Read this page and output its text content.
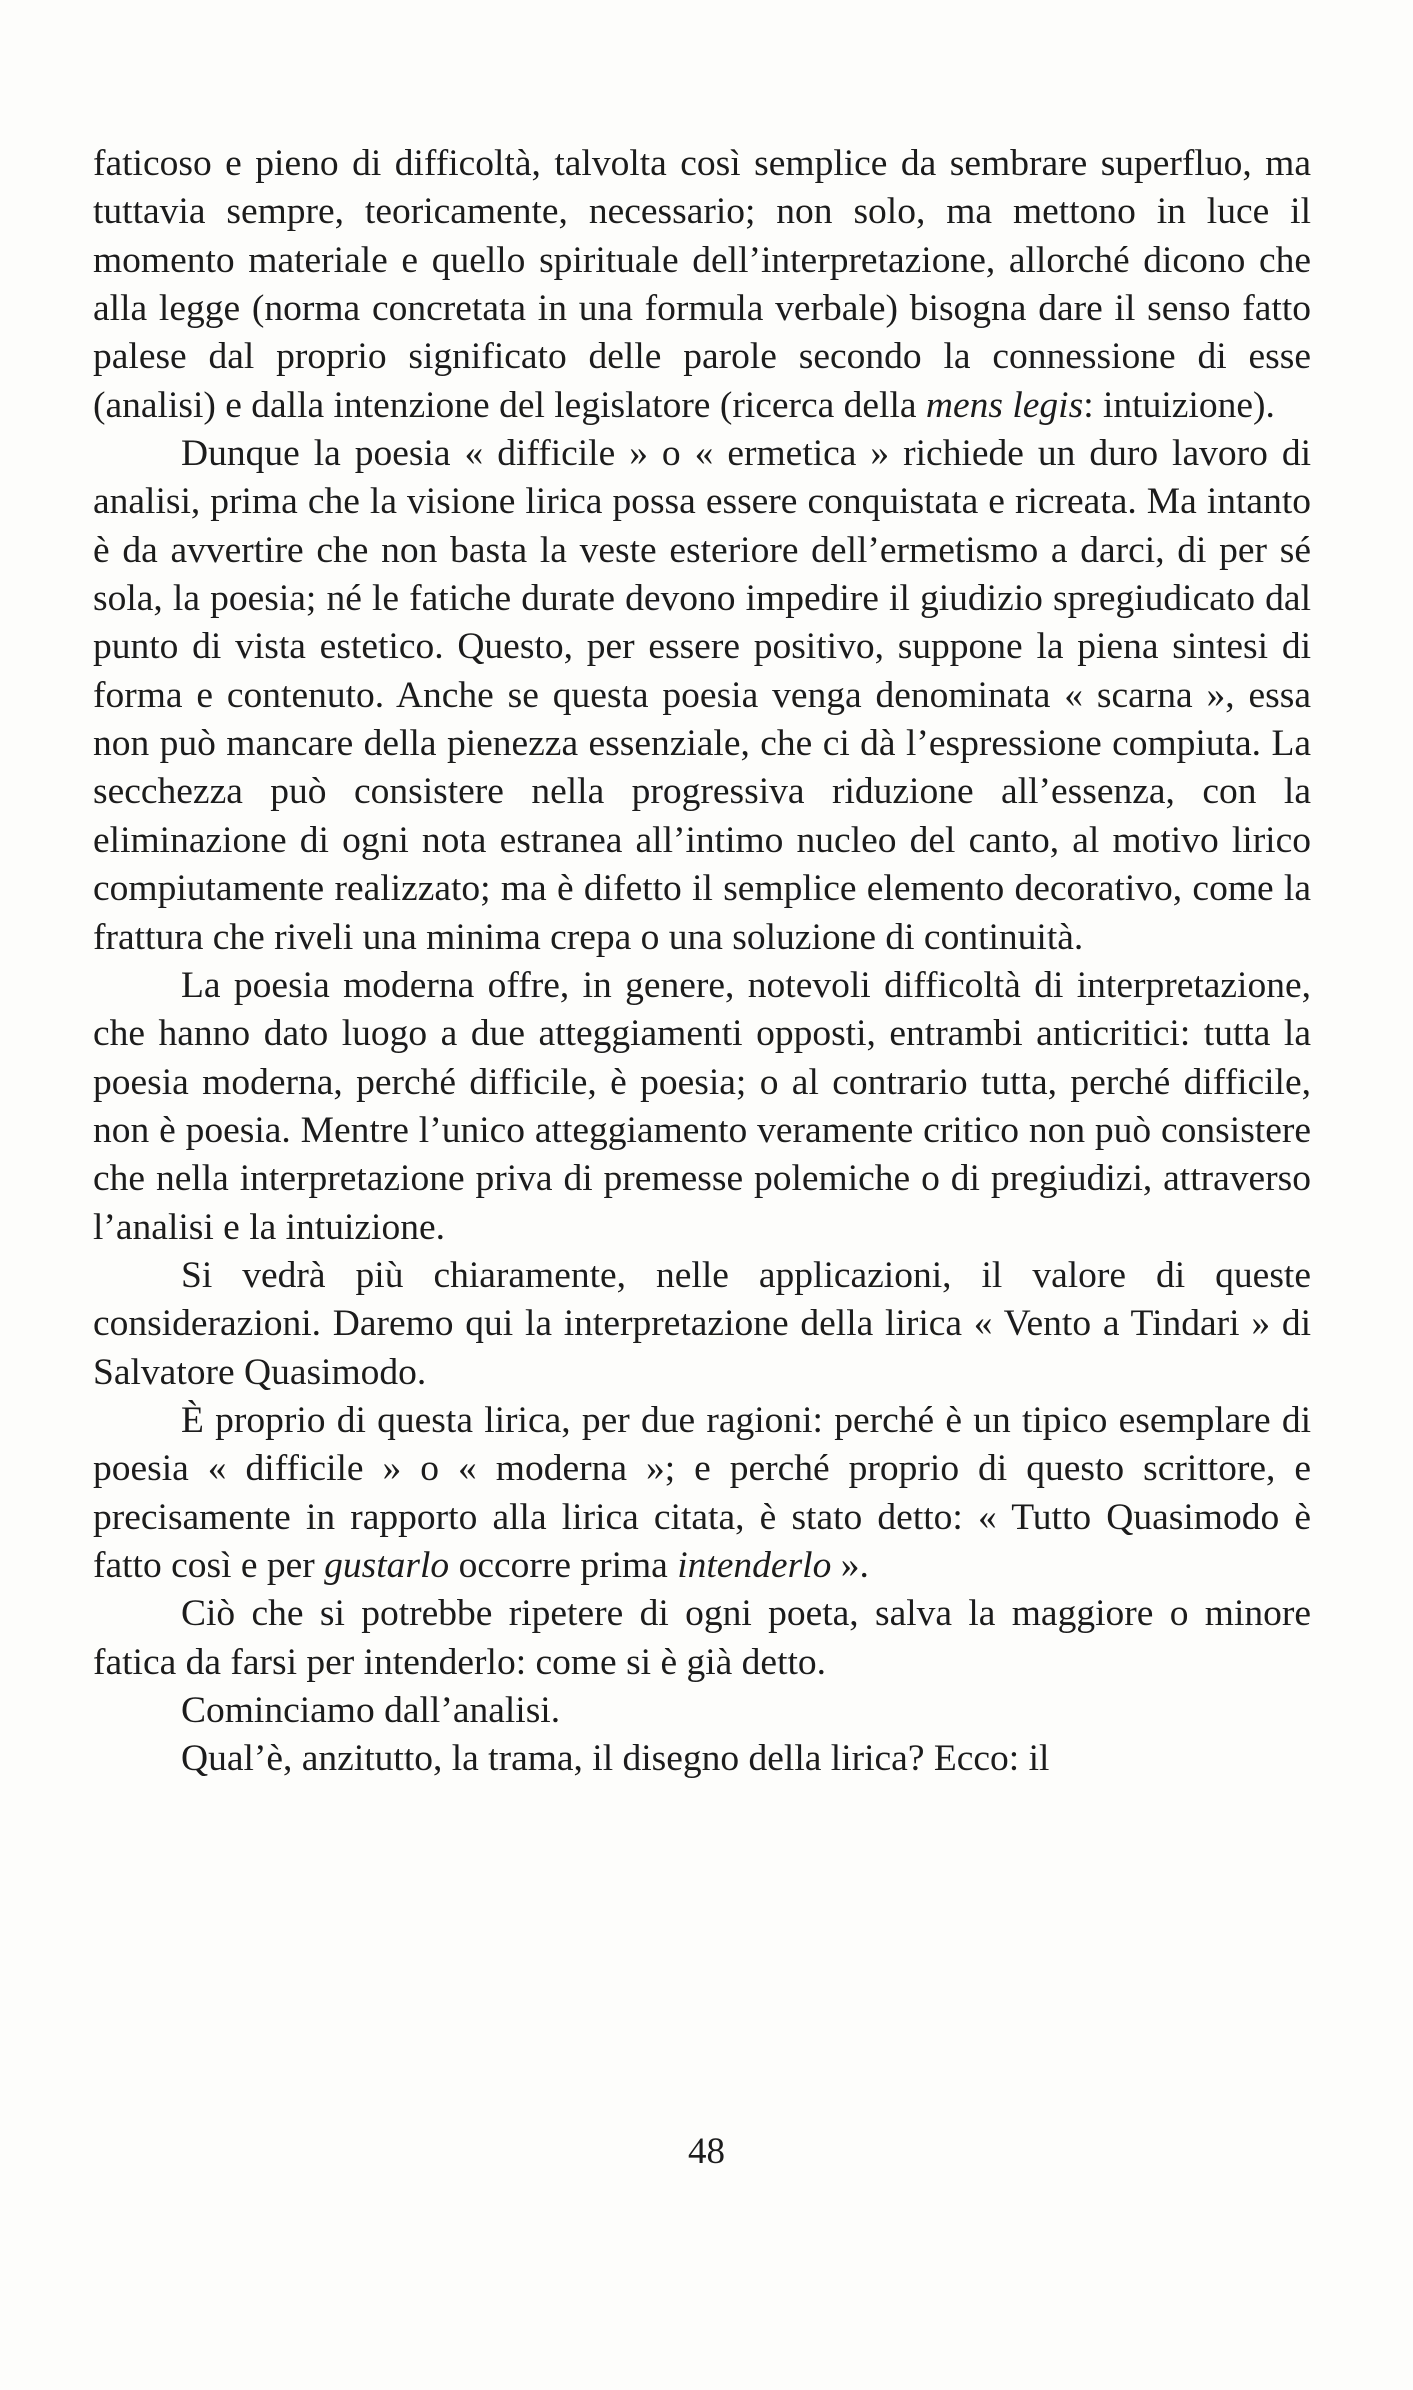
faticoso e pieno di difficoltà, talvolta così semplice da sembrare superfluo, ma tuttavia sempre, teoricamente, necessario; non solo, ma mettono in luce il momento materiale e quello spirituale dell’interpretazione, allorché dicono che alla legge (norma concretata in una formula verbale) bisogna dare il senso fatto palese dal proprio significato delle parole secondo la connessione di esse (analisi) e dalla intenzione del legislatore (ricerca della mens legis: intuizione).

Dunque la poesia « difficile » o « ermetica » richiede un duro lavoro di analisi, prima che la visione lirica possa essere conquistata e ricreata. Ma intanto è da avvertire che non basta la veste esteriore dell’ermetismo a darci, di per sé sola, la poesia; né le fatiche durate devono impedire il giudizio spregiudicato dal punto di vista estetico. Questo, per essere positivo, suppone la piena sintesi di forma e contenuto. Anche se questa poesia venga denominata « scarna », essa non può mancare della pienezza essenziale, che ci dà l’espressione compiuta. La secchezza può consistere nella progressiva riduzione all’essenza, con la eliminazione di ogni nota estranea all’intimo nucleo del canto, al motivo lirico compiutamente realizzato; ma è difetto il semplice elemento decorativo, come la frattura che riveli una minima crepa o una soluzione di continuità.

La poesia moderna offre, in genere, notevoli difficoltà di interpretazione, che hanno dato luogo a due atteggiamenti opposti, entrambi anticritici: tutta la poesia moderna, perché difficile, è poesia; o al contrario tutta, perché difficile, non è poesia. Mentre l’unico atteggiamento veramente critico non può consistere che nella interpretazione priva di premesse polemiche o di pregiudizi, attraverso l’analisi e la intuizione.

Si vedrà più chiaramente, nelle applicazioni, il valore di queste considerazioni. Daremo qui la interpretazione della lirica « Vento a Tindari » di Salvatore Quasimodo.

È proprio di questa lirica, per due ragioni: perché è un tipico esemplare di poesia « difficile » o « moderna »; e perché proprio di questo scrittore, e precisamente in rapporto alla lirica citata, è stato detto: « Tutto Quasimodo è fatto così e per gustarlo occorre prima intenderlo ».

Ciò che si potrebbe ripetere di ogni poeta, salva la maggiore o minore fatica da farsi per intenderlo: come si è già detto.

Cominciamo dall’analisi.

Qual’è, anzitutto, la trama, il disegno della lirica? Ecco: il

48
